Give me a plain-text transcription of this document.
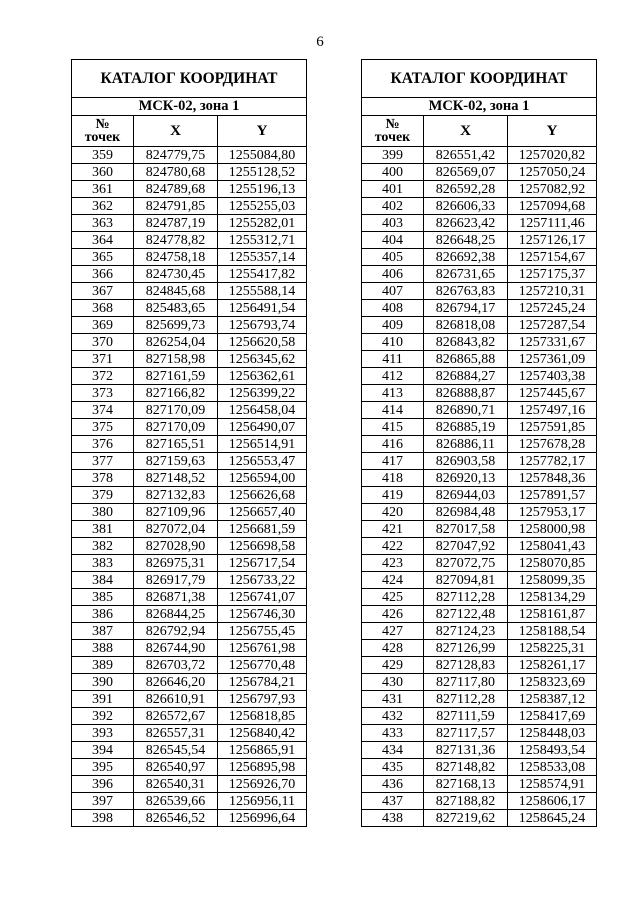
6
КАТАЛОГ КООРДИНАТ		
МСК-02, зона 1		
№
точек	X	Y
359	824779,75	1255084,80
360	824780,68	1255128,52
361	824789,68	1255196,13
362	824791,85	1255255,03
363	824787,19	1255282,01
364	824778,82	1255312,71
365	824758,18	1255357,14
366	824730,45	1255417,82
367	824845,68	1255588,14
368	825483,65	1256491,54
369	825699,73	1256793,74
370	826254,04	1256620,58
371	827158,98	1256345,62
372	827161,59	1256362,61
373	827166,82	1256399,22
374	827170,09	1256458,04
375	827170,09	1256490,07
376	827165,51	1256514,91
377	827159,63	1256553,47
378	827148,52	1256594,00
379	827132,83	1256626,68
380	827109,96	1256657,40
381	827072,04	1256681,59
382	827028,90	1256698,58
383	826975,31	1256717,54
384	826917,79	1256733,22
385	826871,38	1256741,07
386	826844,25	1256746,30
387	826792,94	1256755,45
388	826744,90	1256761,98
389	826703,72	1256770,48
390	826646,20	1256784,21
391	826610,91	1256797,93
392	826572,67	1256818,85
393	826557,31	1256840,42
394	826545,54	1256865,91
395	826540,97	1256895,98
396	826540,31	1256926,70
397	826539,66	1256956,11
398	826546,52	1256996,64
КАТАЛОГ КООРДИНАТ		
МСК-02, зона 1		
№
точек	X	Y
399	826551,42	1257020,82
400	826569,07	1257050,24
401	826592,28	1257082,92
402	826606,33	1257094,68
403	826623,42	1257111,46
404	826648,25	1257126,17
405	826692,38	1257154,67
406	826731,65	1257175,37
407	826763,83	1257210,31
408	826794,17	1257245,24
409	826818,08	1257287,54
410	826843,82	1257331,67
411	826865,88	1257361,09
412	826884,27	1257403,38
413	826888,87	1257445,67
414	826890,71	1257497,16
415	826885,19	1257591,85
416	826886,11	1257678,28
417	826903,58	1257782,17
418	826920,13	1257848,36
419	826944,03	1257891,57
420	826984,48	1257953,17
421	827017,58	1258000,98
422	827047,92	1258041,43
423	827072,75	1258070,85
424	827094,81	1258099,35
425	827112,28	1258134,29
426	827122,48	1258161,87
427	827124,23	1258188,54
428	827126,99	1258225,31
429	827128,83	1258261,17
430	827117,80	1258323,69
431	827112,28	1258387,12
432	827111,59	1258417,69
433	827117,57	1258448,03
434	827131,36	1258493,54
435	827148,82	1258533,08
436	827168,13	1258574,91
437	827188,82	1258606,17
438	827219,62	1258645,24
